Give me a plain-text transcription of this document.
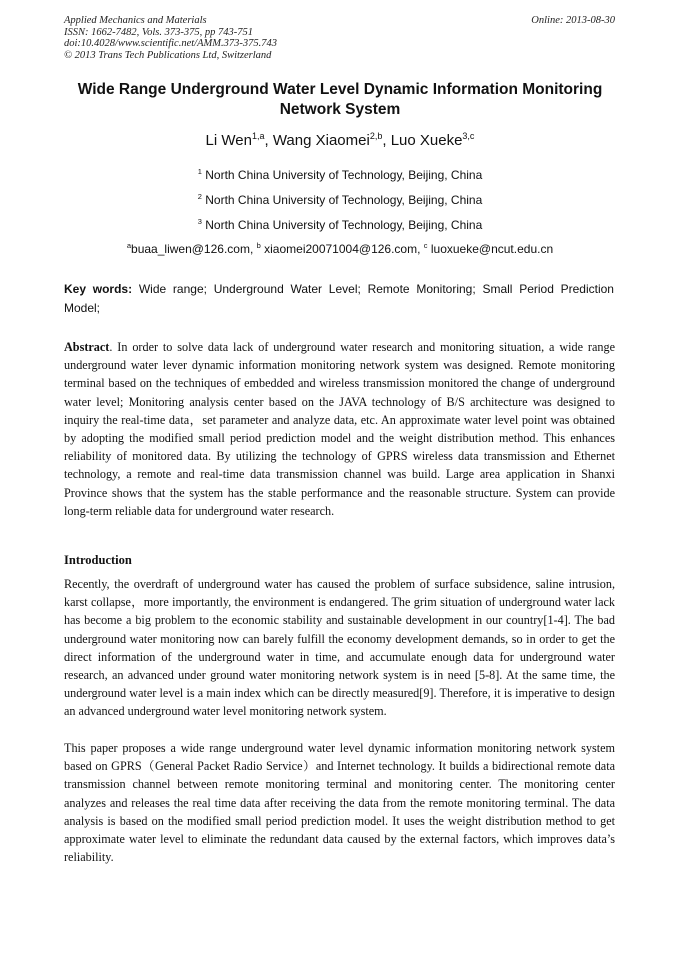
Applied Mechanics and Materials
ISSN: 1662-7482, Vols. 373-375, pp 743-751
doi:10.4028/www.scientific.net/AMM.373-375.743
© 2013 Trans Tech Publications Ltd, Switzerland
Online: 2013-08-30
Wide Range Underground Water Level Dynamic Information Monitoring Network System
Li Wen$^{1,a}$, Wang Xiaomei$^{2,b}$, Luo Xueke$^{3,c}$
$^1$ North China University of Technology, Beijing, China
$^2$ North China University of Technology, Beijing, China
$^3$ North China University of Technology, Beijing, China
$^a$buaa_liwen@126.com, $^b$ xiaomei20071004@126.com, $^c$ luoxueke@ncut.edu.cn
Key words: Wide range; Underground Water Level; Remote Monitoring; Small Period Prediction Model;
Abstract. In order to solve data lack of underground water research and monitoring situation, a wide range underground water lever dynamic information monitoring network system was designed. Remote monitoring terminal based on the techniques of embedded and wireless transmission monitored the change of underground water level; Monitoring analysis center based on the JAVA technology of B/S architecture was designed to inquiry the real-time data，set parameter and analyze data, etc. An approximate water level point was obtained by adopting the modified small period prediction model and the weight distribution method. This enhances reliability of monitored data. By utilizing the technology of GPRS wireless data transmission and Ethernet technology, a remote and real-time data transmission channel was build. Large area application in Shanxi Province shows that the system has the stable performance and the reasonable structure. System can provide long-term reliable data for underground water research.
Introduction
Recently, the overdraft of underground water has caused the problem of surface subsidence, saline intrusion, karst collapse，more importantly, the environment is endangered. The grim situation of underground water lack has become a big problem to the economic stability and sustainable development in our country[1-4]. The bad underground water monitoring now can barely fulfill the economy development demands, so in order to get the direct information of the underground water in time, and accumulate enough data for underground water research, an advanced under ground water monitoring network system is in need [5-8]. At the same time, the underground water level is a main index which can be directly measured[9]. Therefore, it is imperative to design an advanced underground water level monitoring network system.
This paper proposes a wide range underground water level dynamic information monitoring network system based on GPRS（General Packet Radio Service）and Internet technology. It builds a bidirectional remote data transmission channel between remote monitoring terminal and monitoring center. The monitoring center analyzes and releases the real time data after receiving the data from the remote monitoring terminal. The data analysis is based on the modified small period prediction model. It uses the weight distribution method to get approximate water level to eliminate the redundant data caused by the external factors, which improves data’s reliability.
